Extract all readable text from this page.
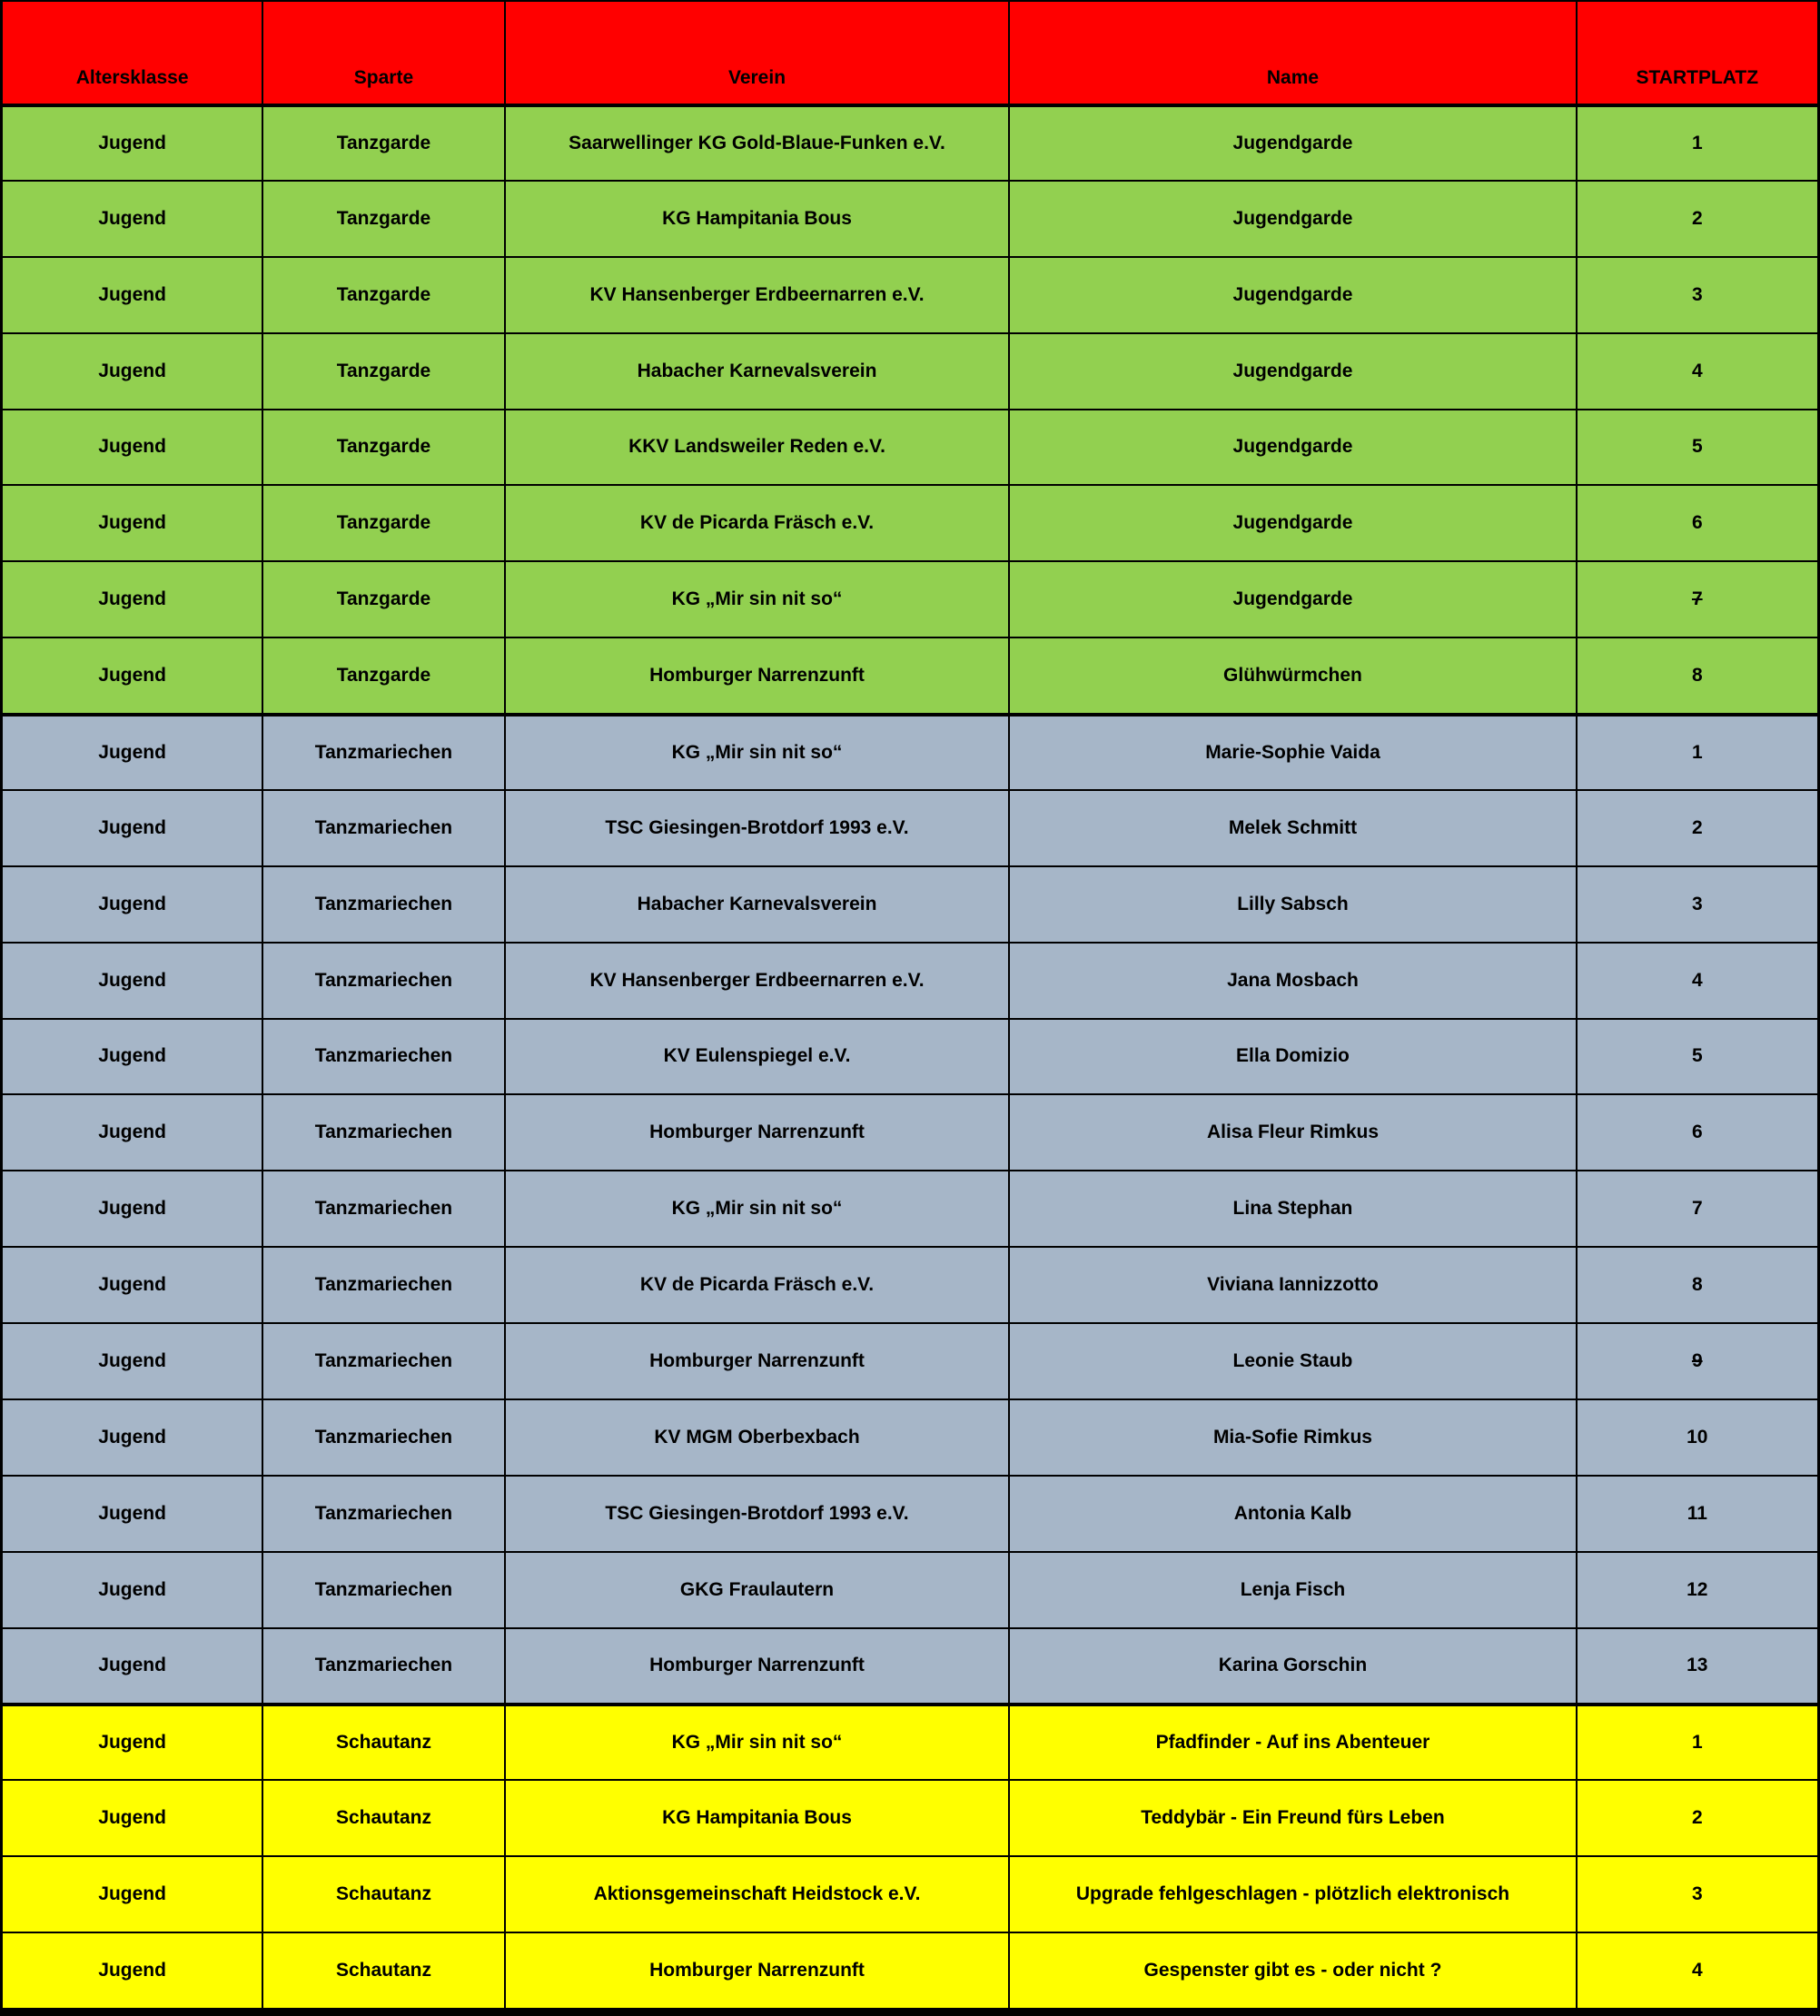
Altersklasse	Sparte	Verein	Name	STARTPLATZ
Jugend	Tanzgarde	Saarwellinger KG Gold-Blaue-Funken e.V.	Jugendgarde	1
Jugend	Tanzgarde	KG Hampitania Bous	Jugendgarde	2
Jugend	Tanzgarde	KV Hansenberger Erdbeernarren e.V.	Jugendgarde	3
Jugend	Tanzgarde	Habacher Karnevalsverein	Jugendgarde	4
Jugend	Tanzgarde	KKV Landsweiler Reden e.V.	Jugendgarde	5
Jugend	Tanzgarde	KV de Picarda Fräsch e.V.	Jugendgarde	6
Jugend	Tanzgarde	KG „Mir sin nit so“	Jugendgarde	7
Jugend	Tanzgarde	Homburger Narrenzunft	Glühwürmchen	8
Jugend	Tanzmariechen	KG „Mir sin nit so“	Marie-Sophie Vaida	1
Jugend	Tanzmariechen	TSC Giesingen-Brotdorf 1993 e.V.	Melek Schmitt	2
Jugend	Tanzmariechen	Habacher Karnevalsverein	Lilly Sabsch	3
Jugend	Tanzmariechen	KV Hansenberger Erdbeernarren e.V.	Jana Mosbach	4
Jugend	Tanzmariechen	KV Eulenspiegel e.V.	Ella Domizio	5
Jugend	Tanzmariechen	Homburger Narrenzunft	Alisa Fleur Rimkus	6
Jugend	Tanzmariechen	KG „Mir sin nit so“	Lina Stephan	7
Jugend	Tanzmariechen	KV de Picarda Fräsch e.V.	Viviana Iannizzotto	8
Jugend	Tanzmariechen	Homburger Narrenzunft	Leonie Staub	9
Jugend	Tanzmariechen	KV MGM Oberbexbach	Mia-Sofie Rimkus	10
Jugend	Tanzmariechen	TSC Giesingen-Brotdorf 1993 e.V.	Antonia Kalb	11
Jugend	Tanzmariechen	GKG Fraulautern	Lenja Fisch	12
Jugend	Tanzmariechen	Homburger Narrenzunft	Karina Gorschin	13
Jugend	Schautanz	KG „Mir sin nit so“	Pfadfinder - Auf ins Abenteuer	1
Jugend	Schautanz	KG Hampitania Bous	Teddybär - Ein Freund fürs Leben	2
Jugend	Schautanz	Aktionsgemeinschaft Heidstock e.V.	Upgrade fehlgeschlagen - plötzlich elektronisch	3
Jugend	Schautanz	Homburger Narrenzunft	Gespenster gibt es - oder nicht ?	4
